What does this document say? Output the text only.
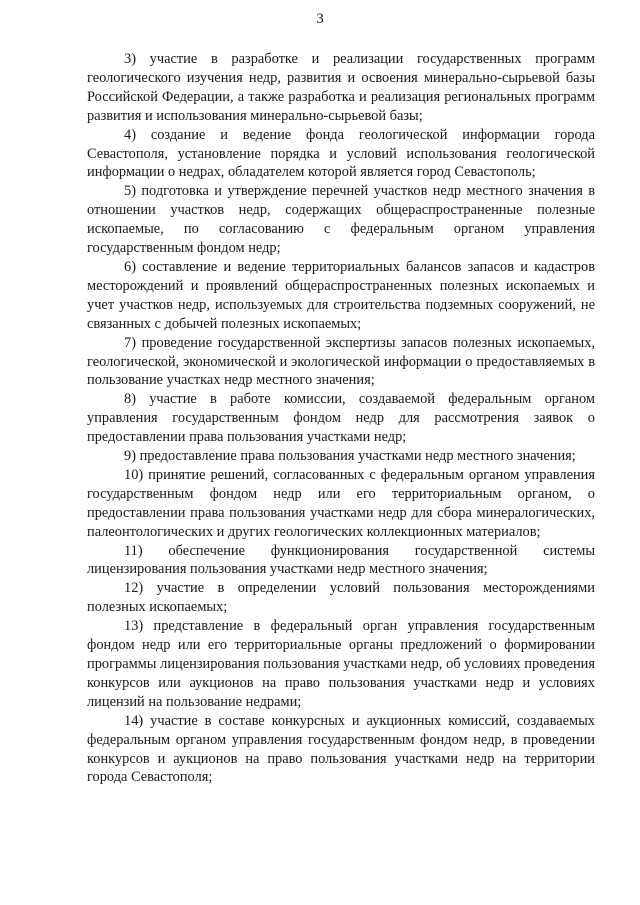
3

3) участие в разработке и реализации государственных программ геологического изучения недр, развития и освоения минерально-сырьевой базы Российской Федерации, а также разработка и реализация региональных программ развития и использования минерально-сырьевой базы;

4) создание и ведение фонда геологической информации города Севастополя, установление порядка и условий использования геологической информации о недрах, обладателем которой является город Севастополь;

5) подготовка и утверждение перечней участков недр местного значения в отношении участков недр, содержащих общераспространенные полезные ископаемые, по согласованию с федеральным органом управления государственным фондом недр;

6) составление и ведение территориальных балансов запасов и кадастров месторождений и проявлений общераспространенных полезных ископаемых и учет участков недр, используемых для строительства подземных сооружений, не связанных с добычей полезных ископаемых;

7) проведение государственной экспертизы запасов полезных ископаемых, геологической, экономической и экологической информации о предоставляемых в пользование участках недр местного значения;

8) участие в работе комиссии, создаваемой федеральным органом управления государственным фондом недр для рассмотрения заявок о предоставлении права пользования участками недр;

9) предоставление права пользования участками недр местного значения;

10) принятие решений, согласованных с федеральным органом управления государственным фондом недр или его территориальным органом, о предоставлении права пользования участками недр для сбора минералогических, палеонтологических и других геологических коллекционных материалов;

11) обеспечение функционирования государственной системы лицензирования пользования участками недр местного значения;

12) участие в определении условий пользования месторождениями полезных ископаемых;

13) представление в федеральный орган управления государственным фондом недр или его территориальные органы предложений о формировании программы лицензирования пользования участками недр, об условиях проведения конкурсов или аукционов на право пользования участками недр и условиях лицензий на пользование недрами;

14) участие в составе конкурсных и аукционных комиссий, создаваемых федеральным органом управления государственным фондом недр, в проведении конкурсов и аукционов на право пользования участками недр на территории города Севастополя;
